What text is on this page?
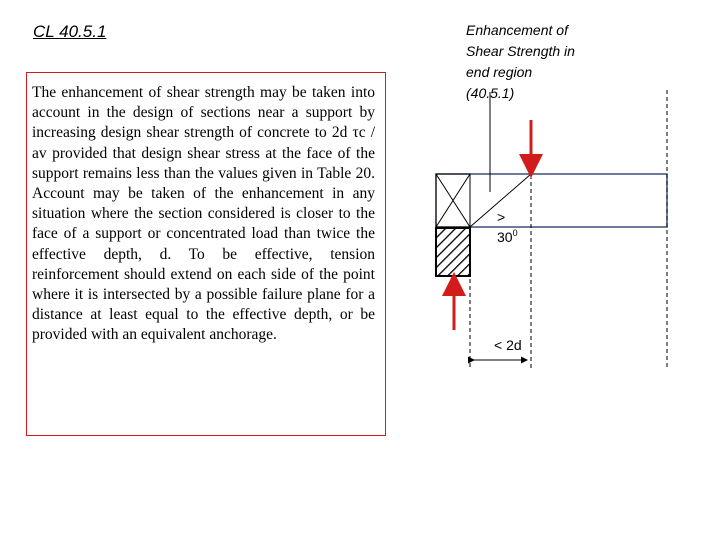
CL 40.5.1	Enhancement of
Shear Strength in
end region
(40.5.1)
The enhancement of shear strength may be taken into account in the design of sections near a support by increasing design shear strength of concrete to 2d τc / av provided that design shear stress at the face of the support remains less than the values given in Table 20. Account may be taken of the enhancement in any situation where the section considered is closer to the face of a support or concentrated load than twice the effective depth, d. To be effective, tension reinforcement should extend on each side of the point where it is intersected by a possible failure plane for a distance at least equal to the effective depth, or be provided with an equivalent anchorage.
>
$30^0$
< 2d
